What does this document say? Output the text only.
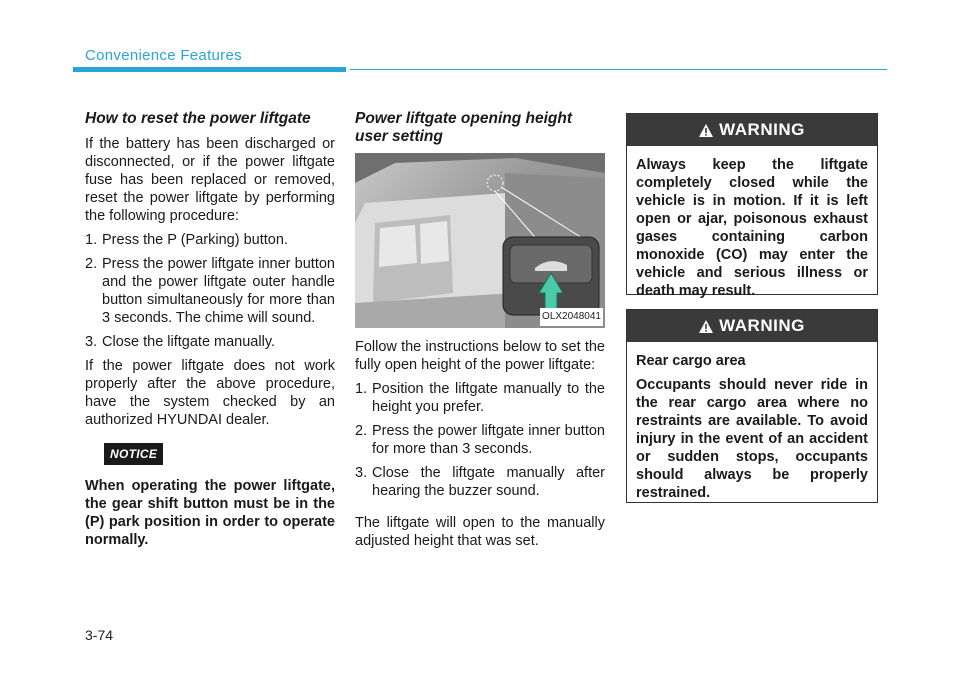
Convenience Features
How to reset the power liftgate

If the battery has been discharged or disconnected, or if the power liftgate fuse has been replaced or removed, reset the power liftgate by performing the following procedure:

1. Press the P (Parking) button.
2. Press the power liftgate inner button and the power liftgate outer handle button simultaneously for more than 3 seconds. The chime will sound.
3. Close the liftgate manually.

If the power liftgate does not work properly after the above procedure, have the system checked by an authorized HYUNDAI dealer.

NOTICE

When operating the power liftgate, the gear shift button must be in the (P) park position in order to operate normally.

Power liftgate opening height user setting
OLX2048041

Follow the instructions below to set the fully open height of the power liftgate:

1. Position the liftgate manually to the height you prefer.
2. Press the power liftgate inner button for more than 3 seconds.
3. Close the liftgate manually after hearing the buzzer sound.

The liftgate will open to the manually adjusted height that was set.

WARNING

Always keep the liftgate completely closed while the vehicle is in motion. If it is left open or ajar, poisonous exhaust gases containing carbon monoxide (CO) may enter the vehicle and serious illness or death may result.

WARNING

Rear cargo area

Occupants should never ride in the rear cargo area where no restraints are available. To avoid injury in the event of an accident or sudden stops, occupants should always be properly restrained.

3-74
